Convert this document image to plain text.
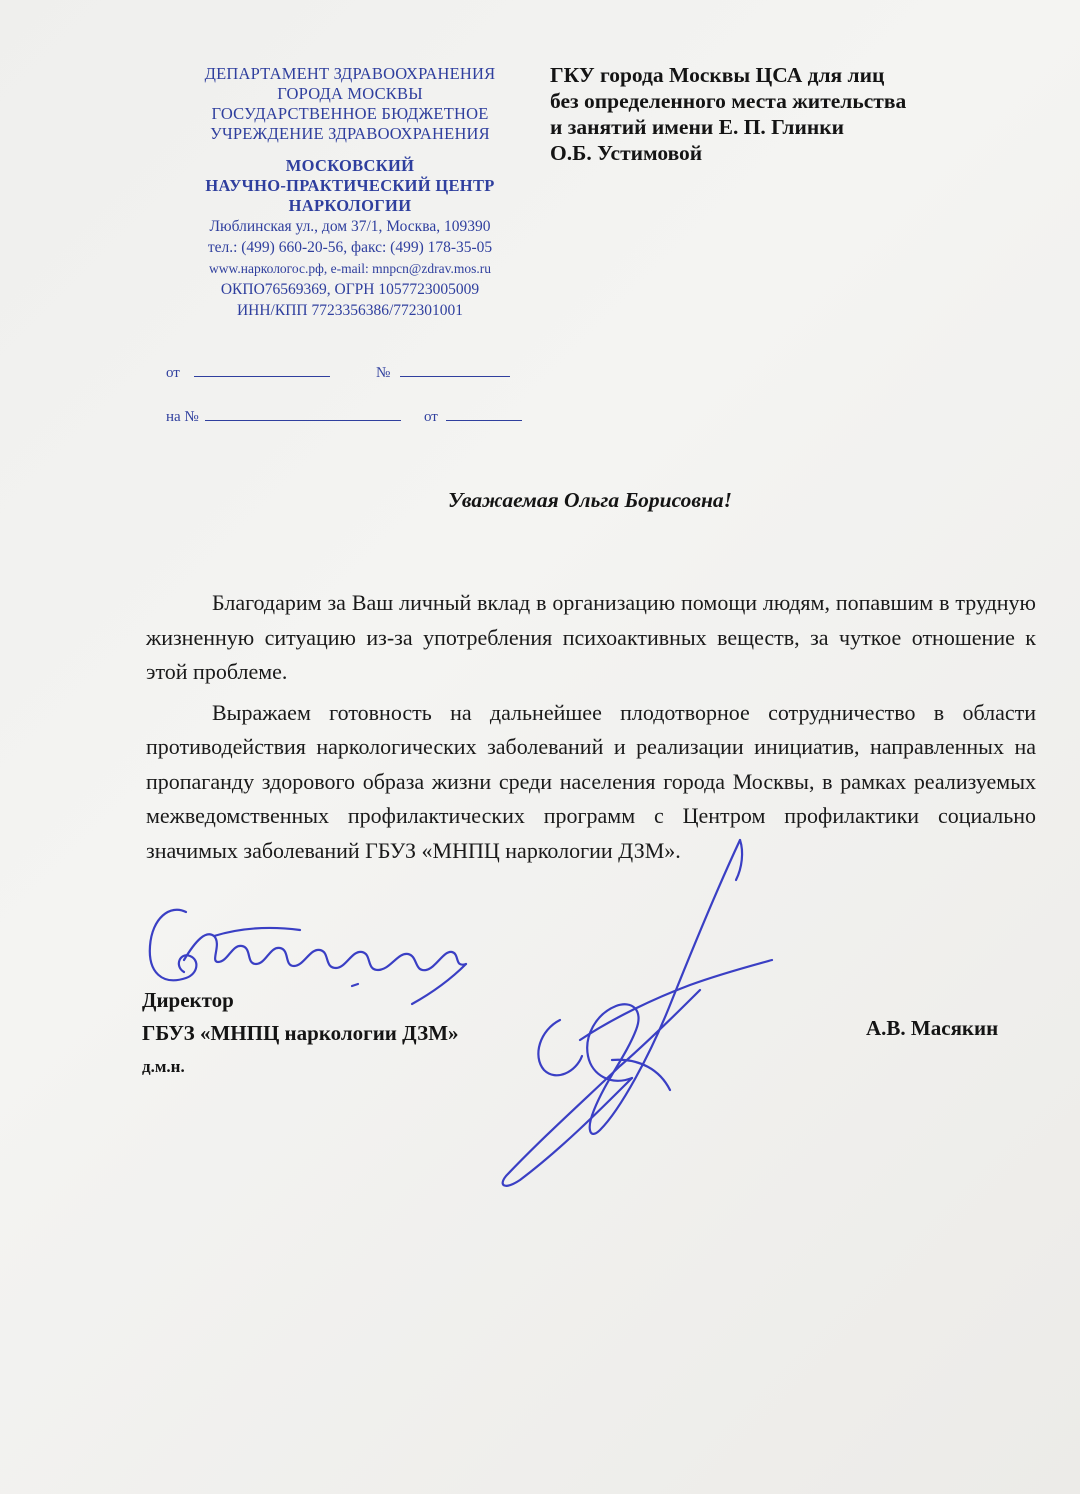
ДЕПАРТАМЕНТ ЗДРАВООХРАНЕНИЯ
ГОРОДА МОСКВЫ
ГОСУДАРСТВЕННОЕ БЮДЖЕТНОЕ
УЧРЕЖДЕНИЕ ЗДРАВООХРАНЕНИЯ
МОСКОВСКИЙ
НАУЧНО-ПРАКТИЧЕСКИЙ ЦЕНТР
НАРКОЛОГИИ
Люблинская ул., дом 37/1, Москва, 109390
тел.: (499) 660-20-56, факс: (499) 178-35-05
www.наркологос.рф, e-mail: mnpcn@zdrav.mos.ru
ОКПО76569369, ОГРН 1057723005009
ИНН/КПП 7723356386/772301001
от	№
на №	от
ГКУ города Москвы ЦСА для лиц
без определенного места жительства
и занятий имени Е. П. Глинки
О.Б. Устимовой
Уважаемая Ольга Борисовна!

Благодарим за Ваш личный вклад в организацию помощи людям, попавшим в трудную жизненную ситуацию из-за употребления психоактивных веществ, за чуткое отношение к этой проблеме.

Выражаем готовность на дальнейшее плодотворное сотрудничество в области противодействия наркологических заболеваний и реализации инициатив, направленных на пропаганду здорового образа жизни среди населения города Москвы, в рамках реализуемых межведомственных профилактических программ с Центром профилактики социально значимых заболеваний ГБУЗ «МНПЦ наркологии ДЗМ».

Директор
ГБУЗ «МНПЦ наркологии ДЗМ»
д.м.н.
А.В. Масякин
